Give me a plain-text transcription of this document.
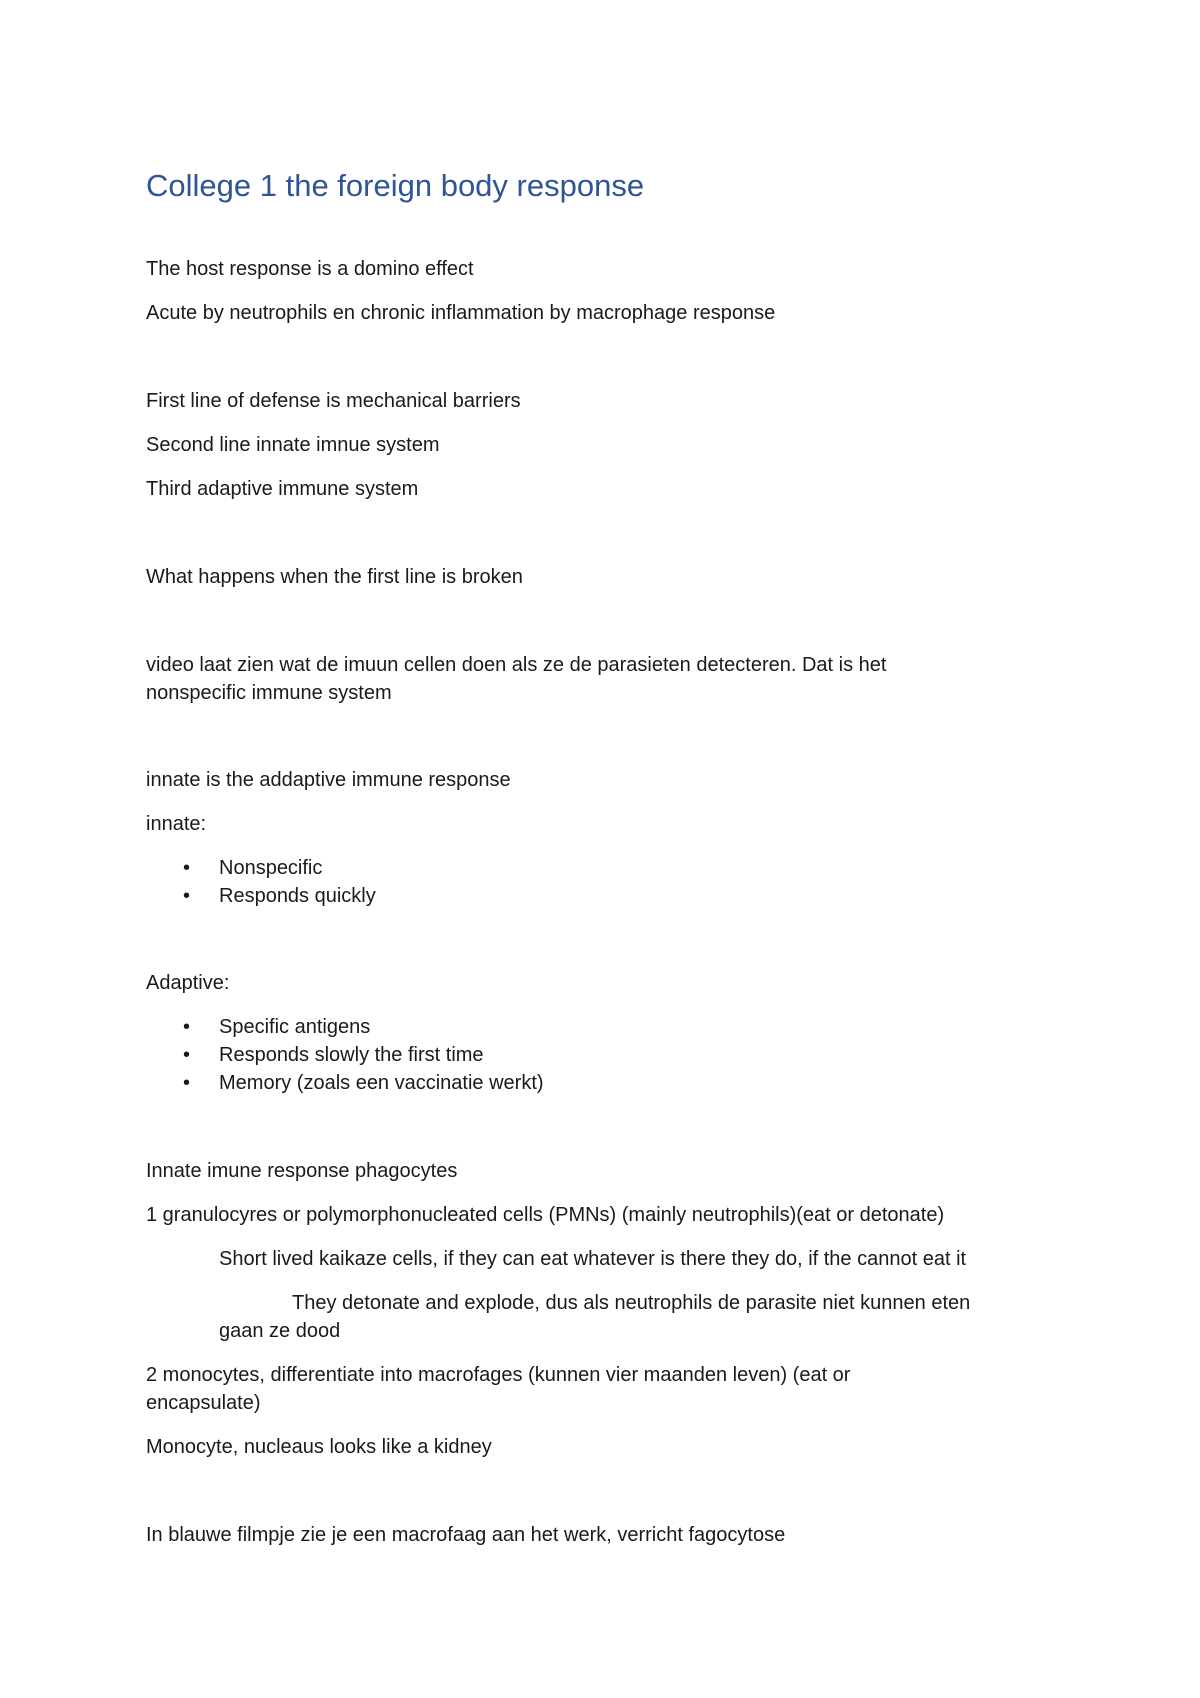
College 1 the foreign body response

The host response is a domino effect

Acute by neutrophils en chronic inflammation by macrophage response

First line of defense is mechanical barriers

Second line innate imnue system

Third adaptive immune system

What happens when the first line is broken

video laat zien wat de imuun cellen doen als ze de parasieten detecteren. Dat is het

nonspecific immune system

innate is the addaptive immune response

innate:

• Nonspecific
• Responds quickly

Adaptive:

• Specific antigens
• Responds slowly the first time
• Memory (zoals een vaccinatie werkt)

Innate imune response phagocytes

1 granulocyres or polymorphonucleated cells (PMNs) (mainly neutrophils)(eat or detonate)

Short lived kaikaze cells, if they can eat whatever is there they do, if the cannot eat it

They detonate and explode, dus als neutrophils de parasite niet kunnen eten

gaan ze dood

2 monocytes, differentiate into macrofages (kunnen vier maanden leven) (eat or

encapsulate)

Monocyte, nucleaus looks like a kidney

In blauwe filmpje zie je een macrofaag aan het werk, verricht fagocytose
